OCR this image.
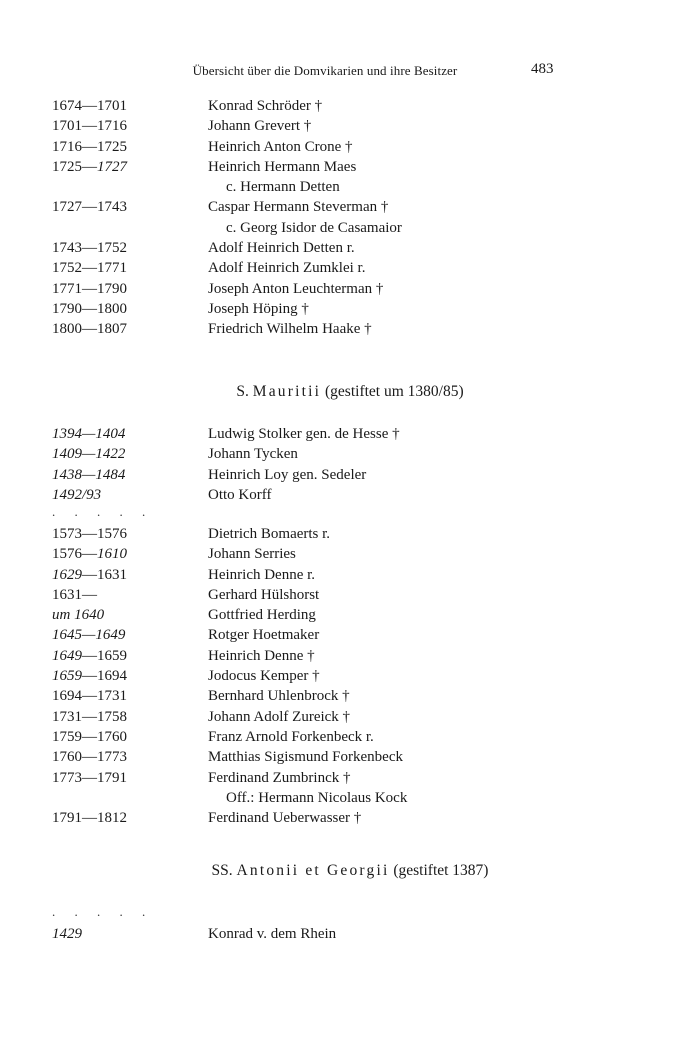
Übersicht über die Domvikarien und ihre Besitzer	483
1674—1701	Konrad Schröder †
1701—1716	Johann Grevert †
1716—1725	Heinrich Anton Crone †
1725—1727	Heinrich Hermann Maes
c. Hermann Detten
1727—1743	Caspar Hermann Steverman †
c. Georg Isidor de Casamaior
1743—1752	Adolf Heinrich Detten r.
1752—1771	Adolf Heinrich Zumklei r.
1771—1790	Joseph Anton Leuchterman †
1790—1800	Joseph Höping †
1800—1807	Friedrich Wilhelm Haake †
S. Mauritii (gestiftet um 1380/85)
1394—1404	Ludwig Stolker gen. de Hesse †
1409—1422	Johann Tycken
1438—1484	Heinrich Loy gen. Sedeler
1492/93	Otto Korff
. . . . .
1573—1576	Dietrich Bomaerts r.
1576—1610	Johann Serries
1629—1631	Heinrich Denne r.
1631—	Gerhard Hülshorst
um 1640	Gottfried Herding
1645—1649	Rotger Hoetmaker
1649—1659	Heinrich Denne †
1659—1694	Jodocus Kemper †
1694—1731	Bernhard Uhlenbrock †
1731—1758	Johann Adolf Zureick †
1759—1760	Franz Arnold Forkenbeck r.
1760—1773	Matthias Sigismund Forkenbeck
1773—1791	Ferdinand Zumbrinck †
Off.: Hermann Nicolaus Kock
1791—1812	Ferdinand Ueberwasser †
SS. Antonii et Georgii (gestiftet 1387)
. . . . .
1429	Konrad v. dem Rhein
